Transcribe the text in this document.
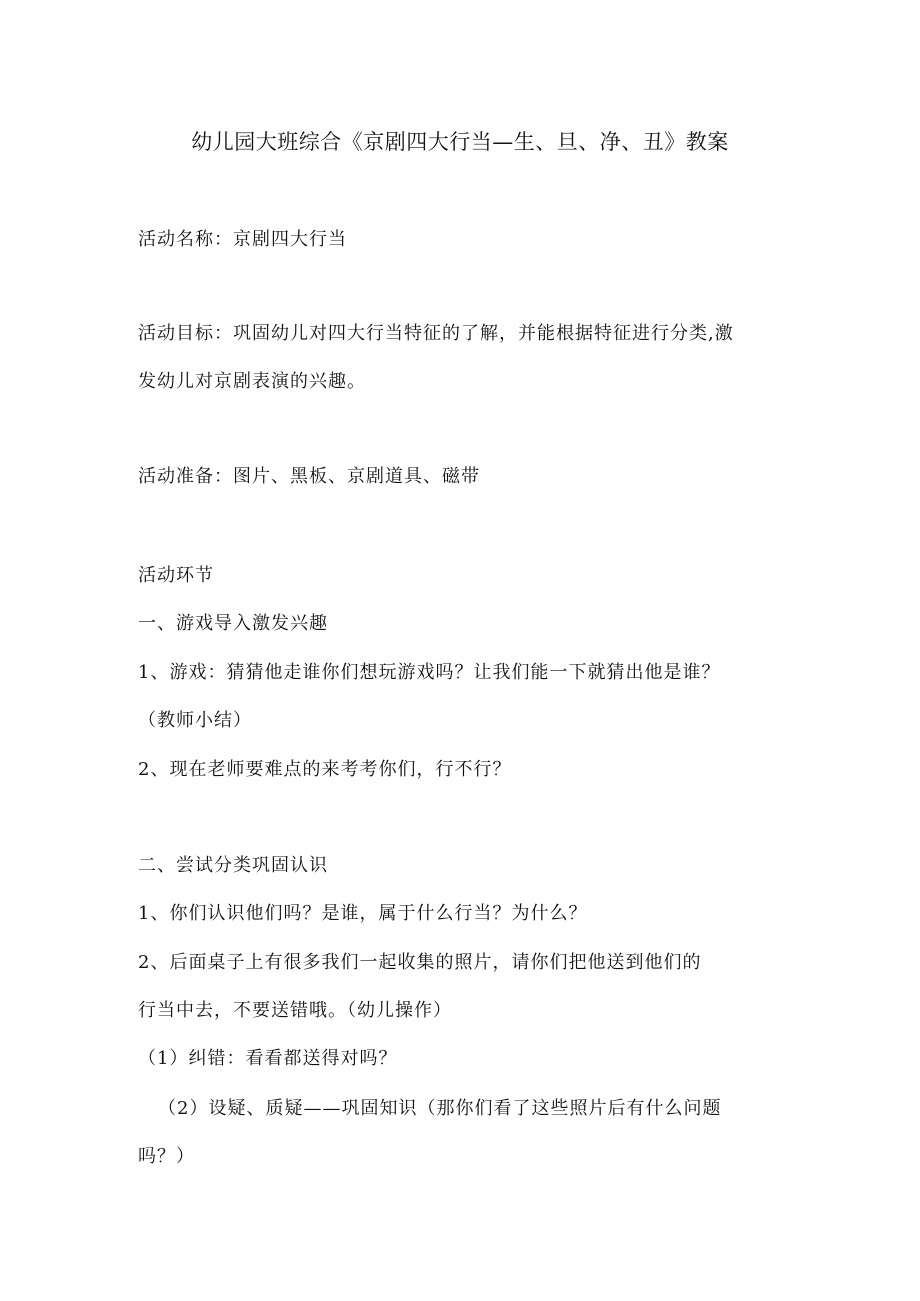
幼儿园大班综合《京剧四大行当—生、旦、净、丑》教案
活动名称：京剧四大行当
活动目标：巩固幼儿对四大行当特征的了解，并能根据特征进行分类,激
发幼儿对京剧表演的兴趣。
活动准备：图片、黑板、京剧道具、磁带
活动环节
一、游戏导入激发兴趣
1、游戏：猜猜他走谁你们想玩游戏吗？让我们能一下就猜出他是谁？
（教师小结）
2、现在老师要难点的来考考你们，行不行？
二、尝试分类巩固认识
1、你们认识他们吗？是谁，属于什么行当？为什么？
2、后面桌子上有很多我们一起收集的照片，请你们把他送到他们的
行当中去，不要送错哦。（幼儿操作）
（1）纠错：看看都送得对吗？
（2）设疑、质疑——巩固知识（那你们看了这些照片后有什么问题
吗？）
